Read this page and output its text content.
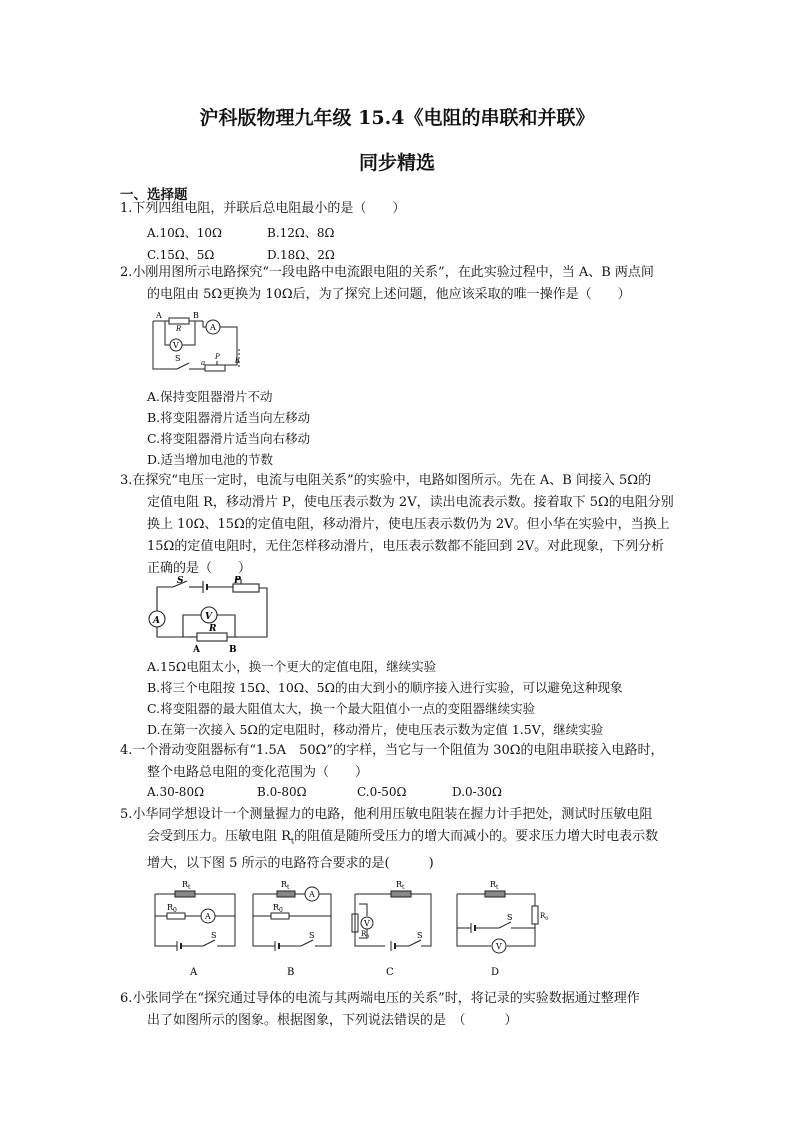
沪科版物理九年级 15.4《电阻的串联和并联》
同步精选
一、选择题
1.下列四组电阻，并联后总电阻最小的是（　　）
A.10Ω、10Ω	B.12Ω、8Ω
C.15Ω、5Ω	D.18Ω、2Ω
2.小刚用图所示电路探究“一段电路中电流跟电阻的关系”，在此实验过程中，当 A、B 两点间
的电阻由 5Ω更换为 10Ω后，为了探究上述问题，他应该采取的唯一操作是（　　）
A	B
R	A
V
S	P
a	b
A.保持变阻器滑片不动
B.将变阻器滑片适当向左移动
C.将变阻器滑片适当向右移动
D.适当增加电池的节数
3.在探究“电压一定时，电流与电阻关系”的实验中，电路如图所示。先在 A、B 间接入 5Ω的
定值电阻 R，移动滑片 P，使电压表示数为 2V，读出电流表示数。接着取下 5Ω的电阻分别
换上 10Ω、15Ω的定值电阻，移动滑片，使电压表示数仍为 2V。但小华在实验中，当换上
15Ω的定值电阻时，无住怎样移动滑片，电压表示数都不能回到 2V。对此现象，下列分析
正确的是（　　）
S	P
A	V
R
A	B
A.15Ω电阻太小，换一个更大的定值电阻，继续实验
B.将三个电阻按 15Ω、10Ω、5Ω的由大到小的顺序接入进行实验，可以避免这种现象
C.将变阻器的最大阻值太大，换一个最大阻值小一点的变阻器继续实验
D.在第一次接入 5Ω的定电阻时，移动滑片，使电压表示数为定值 1.5V，继续实验
4.一个滑动变阻器标有“1.5A　50Ω”的字样，当它与一个阻值为 30Ω的电阻串联接入电路时，
整个电路总电阻的变化范围为（　　）
A.30-80Ω	B.0-80Ω	C.0-50Ω	D.0-30Ω
5.小华同学想设计一个测量握力的电路，他利用压敏电阻装在握力计手把处，测试时压敏电阻
会受到压力。压敏电阻 $R_t$的阻值是随所受压力的增大而减小的。要求压力增大时电表示数
增大，以下图 5 所示的电路符合要求的是(　　　)
$R_t$
$R_0$
A
S
A
$R_t$
$R_0$
A
S
B
$R_t$
$R_0$
V
S
C
$R_t$
$R_0$
V
S
D
6.小张同学在“探究通过导体的电流与其两端电压的关系”时，将记录的实验数据通过整理作
出了如图所示的图象。根据图象，下列说法错误的是　（　　　）
